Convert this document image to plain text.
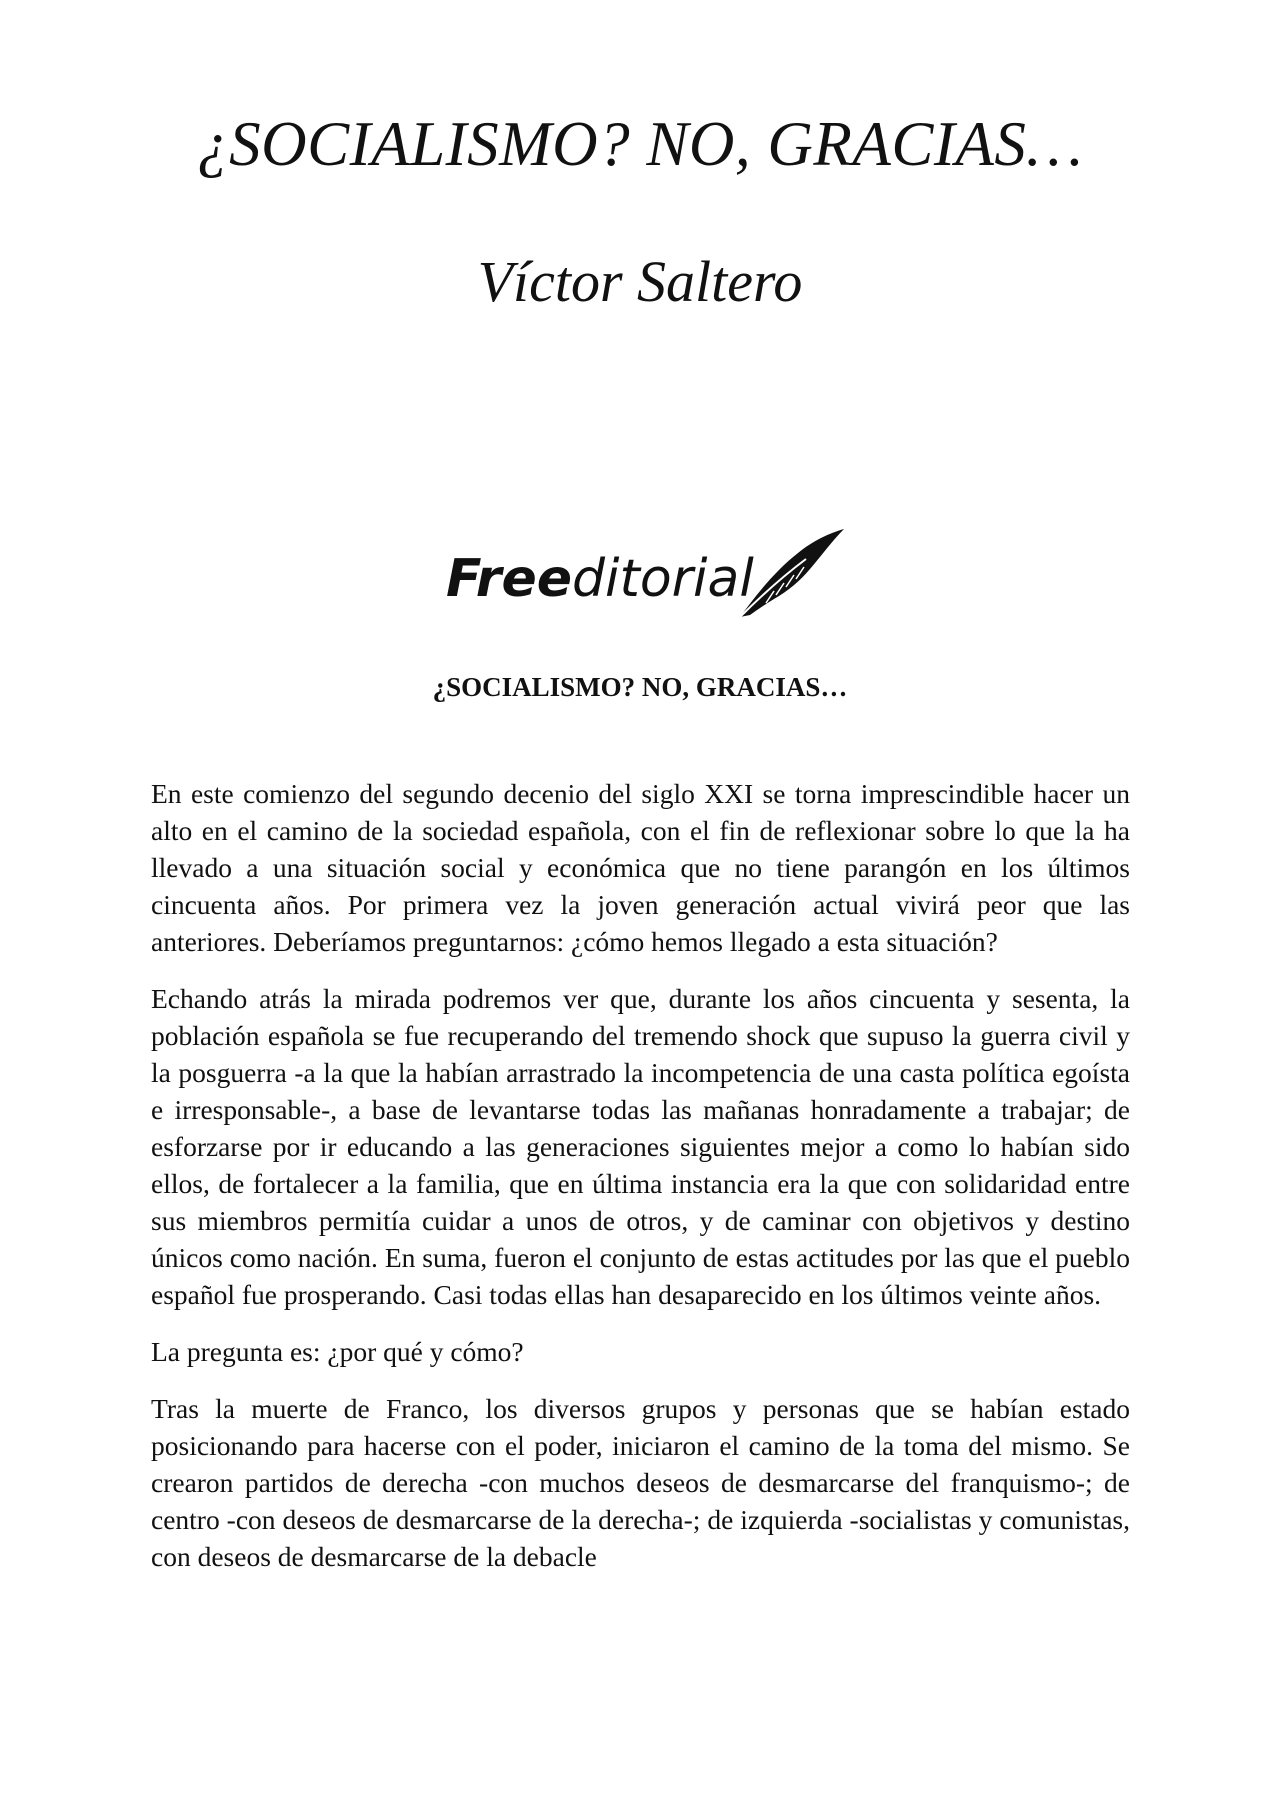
¿SOCIALISMO? NO, GRACIAS…
Víctor Saltero
Freeditorial
¿SOCIALISMO? NO, GRACIAS…

En este comienzo del segundo decenio del siglo XXI se torna imprescindible hacer un alto en el camino de la sociedad española, con el fin de reflexionar sobre lo que la ha llevado a una situación social y económica que no tiene parangón en los últimos cincuenta años. Por primera vez la joven generación actual vivirá peor que las anteriores. Deberíamos preguntarnos: ¿cómo hemos llegado a esta situación?

Echando atrás la mirada podremos ver que, durante los años cincuenta y sesenta, la población española se fue recuperando del tremendo shock que supuso la guerra civil y la posguerra -a la que la habían arrastrado la incompetencia de una casta política egoísta e irresponsable-, a base de levantarse todas las mañanas honradamente a trabajar; de esforzarse por ir educando a las generaciones siguientes mejor a como lo habían sido ellos, de fortalecer a la familia, que en última instancia era la que con solidaridad entre sus miembros permitía cuidar a unos de otros, y de caminar con objetivos y destino únicos como nación. En suma, fueron el conjunto de estas actitudes por las que el pueblo español fue prosperando. Casi todas ellas han desaparecido en los últimos veinte años.

La pregunta es: ¿por qué y cómo?

Tras la muerte de Franco, los diversos grupos y personas que se habían estado posicionando para hacerse con el poder, iniciaron el camino de la toma del mismo. Se crearon partidos de derecha -con muchos deseos de desmarcarse del franquismo-; de centro -con deseos de desmarcarse de la derecha-; de izquierda -socialistas y comunistas, con deseos de desmarcarse de la debacle
